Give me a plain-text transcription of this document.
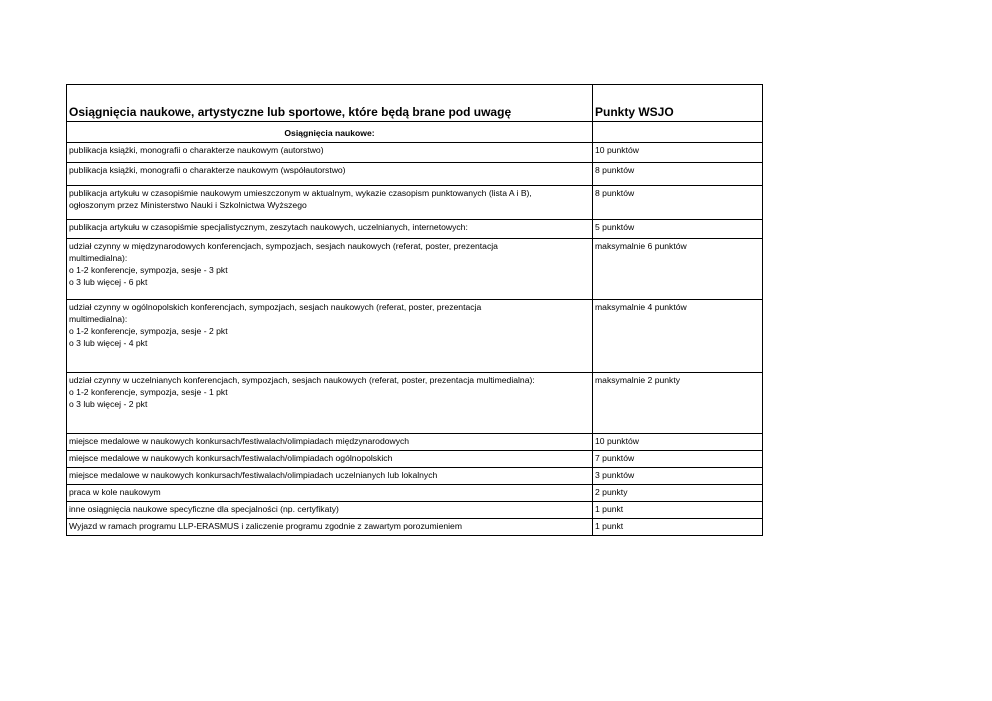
Osiągnięcia naukowe, artystyczne lub sportowe, które będą brane pod uwagę	Punkty WSJO
Osiągnięcia naukowe:	

publikacja książki, monografii o charakterze naukowym (autorstwo)	10 punktów

publikacja książki, monografii o charakterze naukowym (współautorstwo)	8 punktów

publikacja artykułu w czasopiśmie naukowym umieszczonym w aktualnym, wykazie czasopism punktowanych (lista A i B),
ogłoszonym przez Ministerstwo Nauki i Szkolnictwa Wyższego	8 punktów

publikacja artykułu w czasopiśmie specjalistycznym, zeszytach naukowych, uczelnianych, internetowych:	5 punktów

udział czynny w międzynarodowych konferencjach, sympozjach, sesjach naukowych (referat, poster, prezentacja
multimedialna):
o 1-2 konferencje, sympozja, sesje - 3 pkt
o 3 lub więcej - 6 pkt	maksymalnie 6 punktów

udział czynny w ogólnopolskich konferencjach, sympozjach, sesjach naukowych (referat, poster, prezentacja
multimedialna):
o 1-2 konferencje, sympozja, sesje - 2 pkt
o 3 lub więcej - 4 pkt	maksymalnie 4 punktów

udział czynny w uczelnianych konferencjach, sympozjach, sesjach naukowych (referat, poster, prezentacja multimedialna):
o 1-2 konferencje, sympozja, sesje - 1 pkt
o 3 lub więcej - 2 pkt	maksymalnie 2 punkty

miejsce medalowe w naukowych konkursach/festiwalach/olimpiadach międzynarodowych	10 punktów

miejsce medalowe w naukowych konkursach/festiwalach/olimpiadach ogólnopolskich	7 punktów

miejsce medalowe w naukowych konkursach/festiwalach/olimpiadach uczelnianych lub lokalnych	3 punktów

praca w kole naukowym	2 punkty

inne osiągnięcia naukowe specyficzne dla specjalności (np. certyfikaty)	1 punkt

Wyjazd w ramach programu LLP-ERASMUS i zaliczenie programu zgodnie z zawartym porozumieniem	1 punkt
